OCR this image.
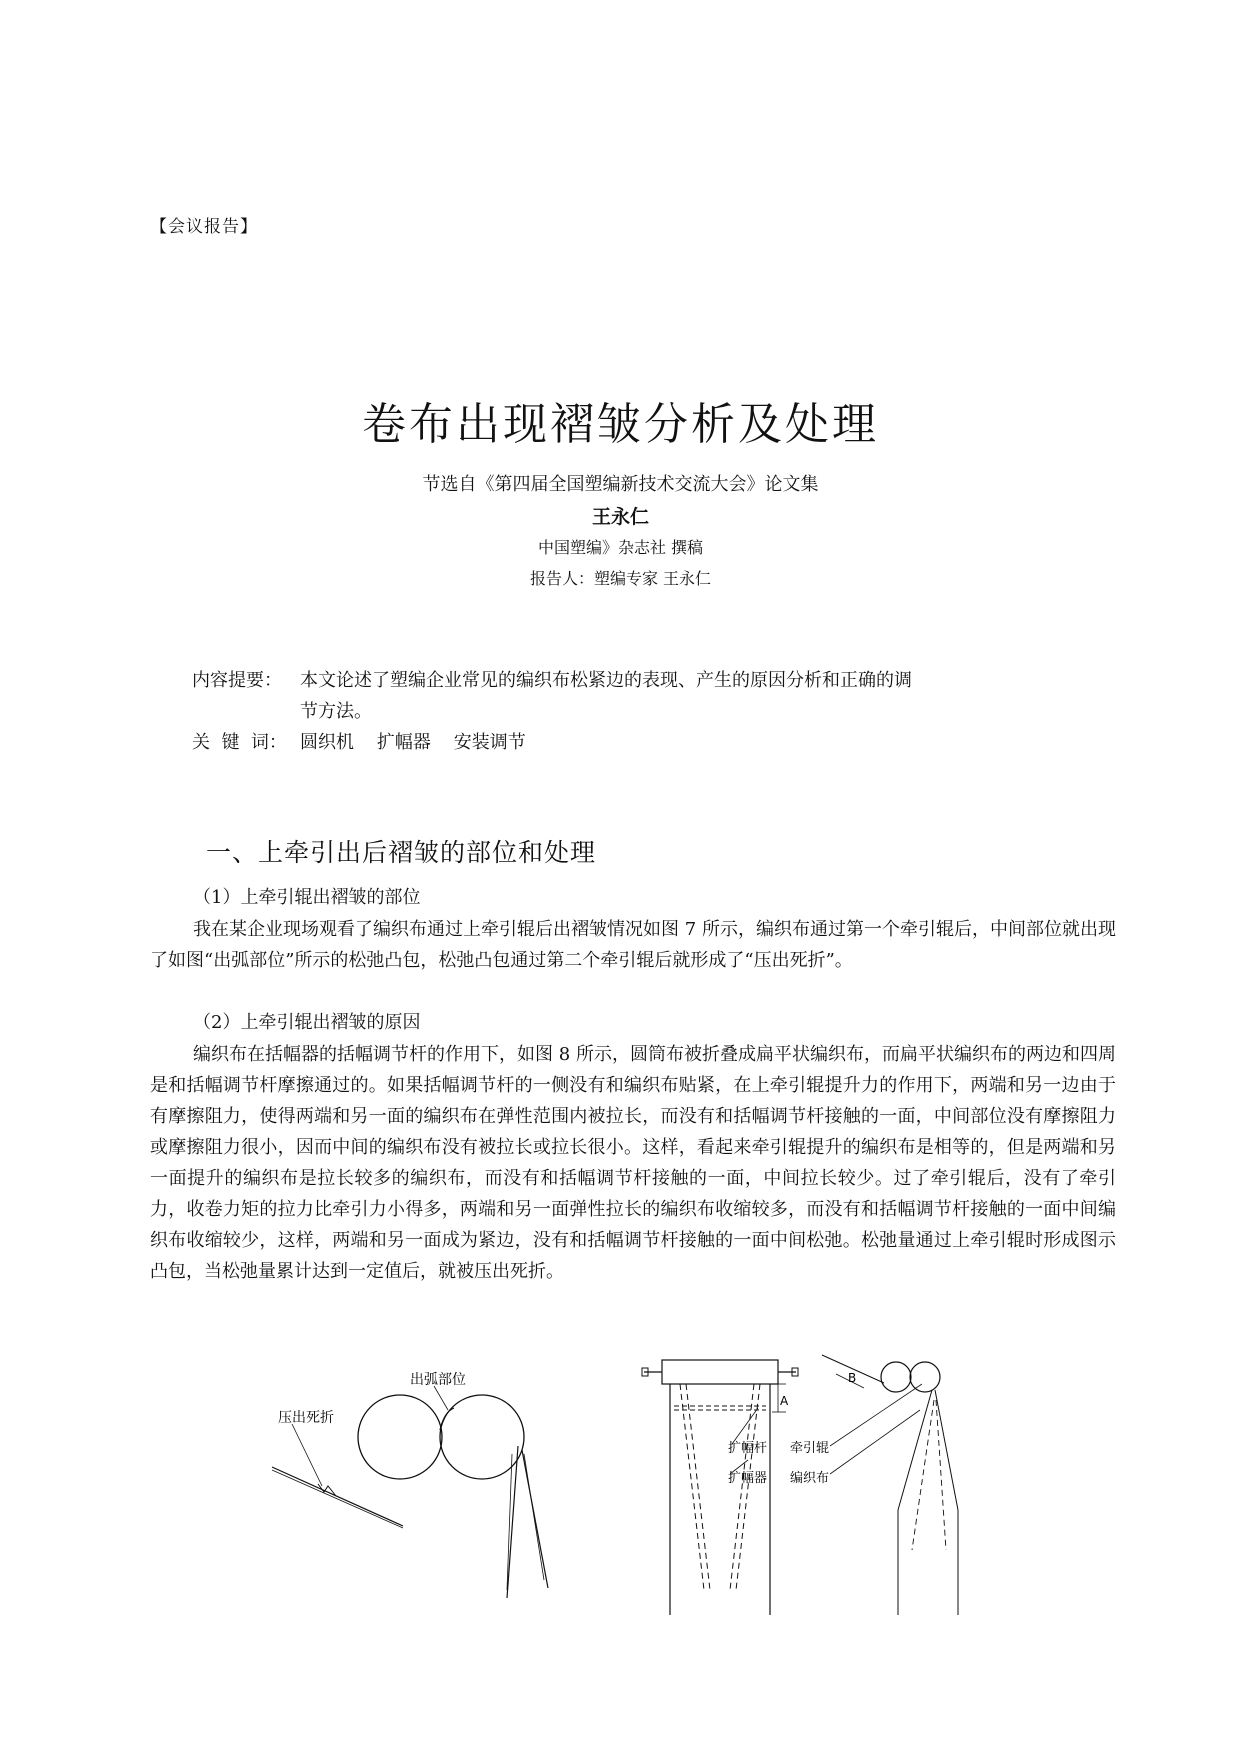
【会议报告】
卷布出现褶皱分析及处理
节选自《第四届全国塑编新技术交流大会》论文集
王永仁
中国塑编》杂志社 撰稿
报告人：塑编专家 王永仁
内容提要： 本文论述了塑编企业常见的编织布松紧边的表现、产生的原因分析和正确的调
节方法。
关  键  词： 圆织机    扩幅器    安装调节
一、上牵引出后褶皱的部位和处理
（1）上牵引辊出褶皱的部位
我在某企业现场观看了编织布通过上牵引辊后出褶皱情况如图 7 所示，编织布通过第一个牵引辊后，中间部位就出现了如图“出弧部位”所示的松弛凸包，松弛凸包通过第二个牵引辊后就形成了“压出死折”。
（2）上牵引辊出褶皱的原因
编织布在括幅器的括幅调节杆的作用下，如图 8 所示，圆筒布被折叠成扁平状编织布，而扁平状编织布的两边和四周是和括幅调节杆摩擦通过的。如果括幅调节杆的一侧没有和编织布贴紧，在上牵引辊提升力的作用下，两端和另一边由于有摩擦阻力，使得两端和另一面的编织布在弹性范围内被拉长，而没有和括幅调节杆接触的一面，中间部位没有摩擦阻力或摩擦阻力很小，因而中间的编织布没有被拉长或拉长很小。这样，看起来牵引辊提升的编织布是相等的，但是两端和另一面提升的编织布是拉长较多的编织布，而没有和括幅调节杆接触的一面，中间拉长较少。过了牵引辊后，没有了牵引力，收卷力矩的拉力比牵引力小得多，两端和另一面弹性拉长的编织布收缩较多，而没有和括幅调节杆接触的一面中间编织布收缩较少，这样，两端和另一面成为紧边，没有和括幅调节杆接触的一面中间松弛。松弛量通过上牵引辊时形成图示凸包，当松弛量累计达到一定值后，就被压出死折。
出弧部位
压出死折
A
B
扩幅杆 牵引辊
扩幅器 编织布
